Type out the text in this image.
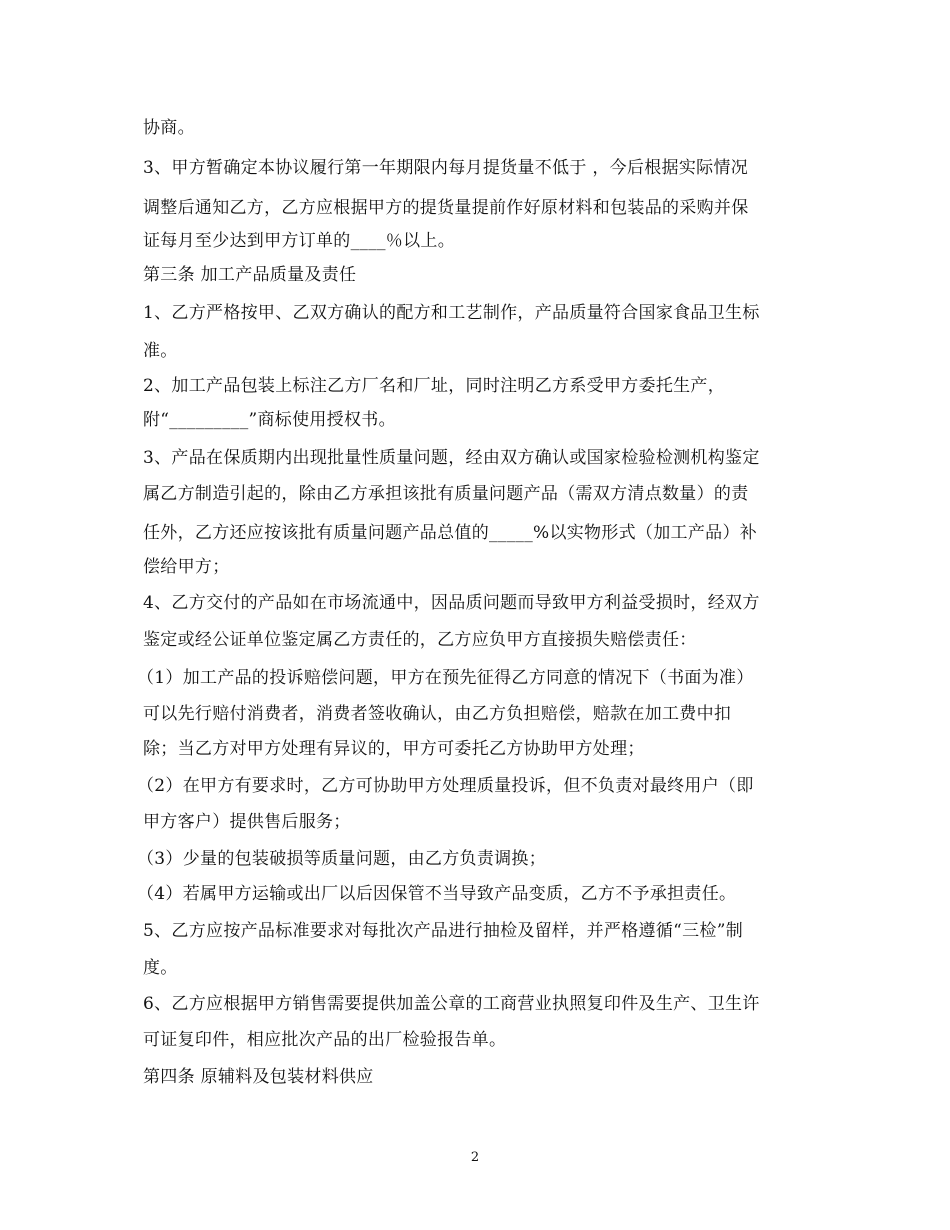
协商。
3、甲方暂确定本协议履行第一年期限内每月提货量不低于 ，今后根据实际情况
调整后通知乙方，乙方应根据甲方的提货量提前作好原材料和包装品的采购并保
证每月至少达到甲方订单的____％以上。
第三条 加工产品质量及责任
1、乙方严格按甲、乙双方确认的配方和工艺制作，产品质量符合国家食品卫生标
准。
2、加工产品包装上标注乙方厂名和厂址，同时注明乙方系受甲方委托生产，
附“_________”商标使用授权书。
3、产品在保质期内出现批量性质量问题，经由双方确认或国家检验检测机构鉴定
属乙方制造引起的，除由乙方承担该批有质量问题产品（需双方清点数量）的责
任外，乙方还应按该批有质量问题产品总值的_____%以实物形式（加工产品）补
偿给甲方；
4、乙方交付的产品如在市场流通中，因品质问题而导致甲方利益受损时，经双方
鉴定或经公证单位鉴定属乙方责任的，乙方应负甲方直接损失赔偿责任：
（1）加工产品的投诉赔偿问题，甲方在预先征得乙方同意的情况下（书面为准）
可以先行赔付消费者，消费者签收确认，由乙方负担赔偿，赔款在加工费中扣
除；当乙方对甲方处理有异议的，甲方可委托乙方协助甲方处理；
（2）在甲方有要求时，乙方可协助甲方处理质量投诉，但不负责对最终用户（即
甲方客户）提供售后服务；
（3）少量的包装破损等质量问题，由乙方负责调换；
（4）若属甲方运输或出厂以后因保管不当导致产品变质，乙方不予承担责任。
5、乙方应按产品标准要求对每批次产品进行抽检及留样，并严格遵循“三检”制
度。
6、乙方应根据甲方销售需要提供加盖公章的工商营业执照复印件及生产、卫生许
可证复印件，相应批次产品的出厂检验报告单。
第四条 原辅料及包装材料供应
2
